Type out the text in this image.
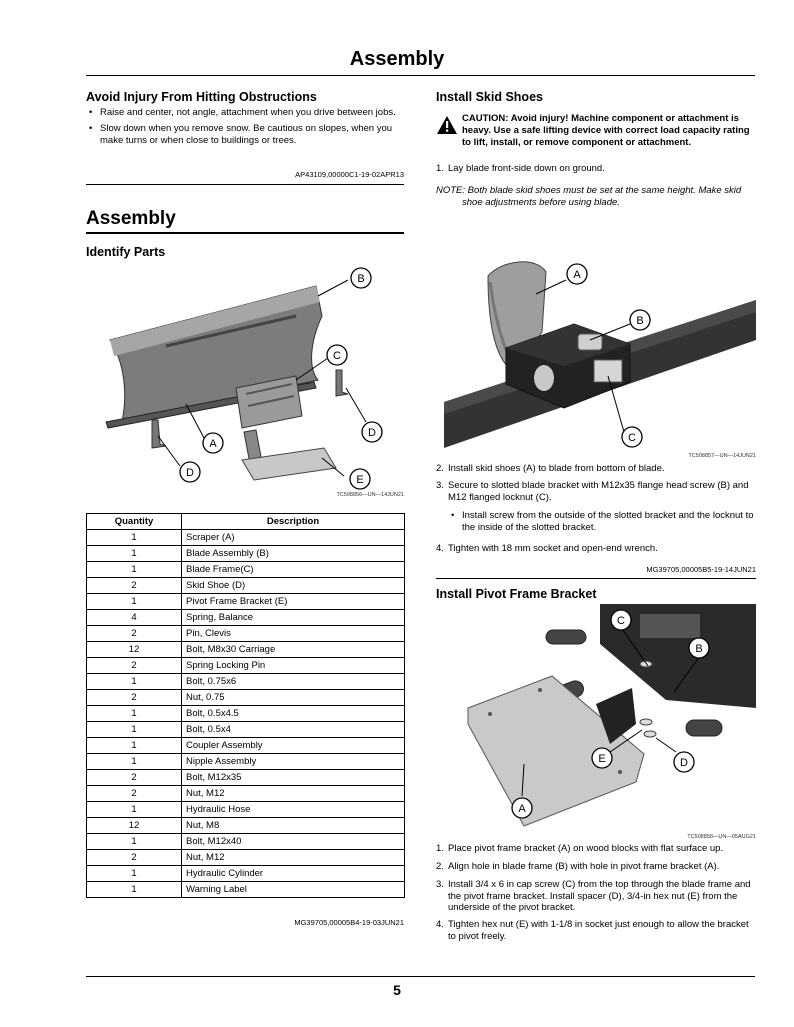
Assembly
Avoid Injury From Hitting Obstructions
• Raise and center, not angle, attachment when you drive between jobs.
• Slow down when you remove snow. Be cautious on slopes, when you make turns or when close to buildings or trees.
AP43109,00000C1-19-02APR13
Assembly
Identify Parts
B
C
A
D
D
E
TC508856—UN—14JUN21
Quantity	Description
1	Scraper (A)
1	Blade Assembly (B)
1	Blade Frame(C)
2	Skid Shoe (D)
1	Pivot Frame Bracket (E)
4	Spring, Balance
2	Pin, Clevis
12	Bolt, M8x30 Carriage
2	Spring Locking Pin
1	Bolt, 0.75x6
2	Nut, 0.75
1	Bolt, 0.5x4.5
1	Bolt, 0.5x4
1	Coupler Assembly
1	Nipple Assembly
2	Bolt, M12x35
2	Nut, M12
1	Hydraulic Hose
12	Nut, M8
1	Bolt, M12x40
2	Nut, M12
1	Hydraulic Cylinder
1	Warning Label
MG39705,00005B4-19-03JUN21
Install Skid Shoes
CAUTION: Avoid injury! Machine component or attachment is heavy. Use a safe lifting device with correct load capacity rating to lift, install, or remove component or attachment.
1. Lay blade front-side down on ground.
NOTE: Both blade skid shoes must be set at the same height. Make skid shoe adjustments before using blade.
A
B
C
TC508857—UN—14JUN21
2. Install skid shoes (A) to blade from bottom of blade.
3. Secure to slotted blade bracket with M12x35 flange head screw (B) and M12 flanged locknut (C).
• Install screw from the outside of the slotted bracket and the locknut to the inside of the slotted bracket.
4. Tighten with 18 mm socket and open-end wrench.
MG39705,00005B5-19-14JUN21
Install Pivot Frame Bracket
C
B
E	D
A
TC508858—UN—05AUG21
1. Place pivot frame bracket (A) on wood blocks with flat surface up.
2. Align hole in blade frame (B) with hole in pivot frame bracket (A).
3. Install 3/4 x 6 in cap screw (C) from the top through the blade frame and the pivot frame bracket. Install spacer (D), 3/4-in hex nut (E) from the underside of the pivot bracket.
4. Tighten hex nut (E) with 1-1/8 in socket just enough to allow the bracket to pivot freely.
5
